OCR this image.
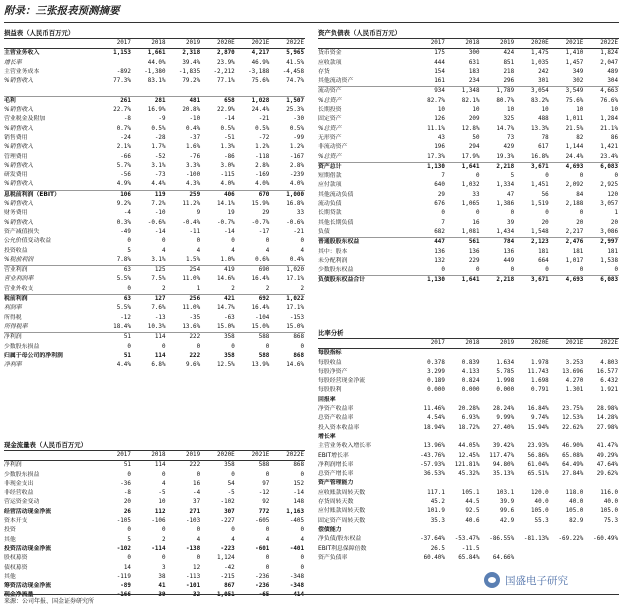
附录：三张报表预测摘要
损益表（人民币百万元）
	2017	2018	2019	2020E	2021E	2022E
主营业务收入	1,153	1,661	2,318	2,870	4,217	5,965
增长率		44.0%	39.4%	23.9%	46.9%	41.5%
主营业务成本	-892	-1,380	-1,835	-2,212	-3,188	-4,458
%销售收入	77.3%	83.1%	79.2%	77.1%	75.6%	74.7%

毛利	261	281	481	658	1,028	1,507
%销售收入	22.7%	16.9%	20.8%	22.9%	24.4%	25.3%
营业税金及附加	-8	-9	-10	-14	-21	-30
%销售收入	0.7%	0.5%	0.4%	0.5%	0.5%	0.5%
销售费用	-24	-28	-37	-51	-72	-99
%销售收入	2.1%	1.7%	1.6%	1.3%	1.2%	1.2%
管理费用	-66	-52	-76	-86	-118	-167
%销售收入	5.7%	3.1%	3.3%	3.0%	2.8%	2.8%
研发费用	-56	-73	-100	-115	-169	-239
%销售收入	4.9%	4.4%	4.3%	4.0%	4.0%	4.0%
息税前利润（EBIT）	106	119	259	406	670	1,000
%销售收入	9.2%	7.2%	11.2%	14.1%	15.9%	16.8%
财务费用	-4	-10	9	19	29	33
%销售收入	0.3%	-0.6%	-0.4%	-0.7%	-0.7%	-0.6%
资产减值损失	-49	-14	-11	-14	-17	-21
公允价值变动收益	0	0	0	0	0	0
投资收益	5	4	4	4	4	4
%税前利润	7.8%	3.1%	1.5%	1.0%	0.6%	0.4%
营业利润	63	125	254	419	690	1,020
营业利润率	5.5%	7.5%	11.0%	14.6%	16.4%	17.1%
营业外收支	0	2	1	2	2	2
税前利润	63	127	256	421	692	1,022
利润率	5.5%	7.6%	11.0%	14.7%	16.4%	17.1%
所得税	-12	-13	-35	-63	-104	-153
所得税率	18.4%	10.3%	13.6%	15.0%	15.0%	15.0%
净利润	51	114	222	358	588	868
少数股东损益	0	0	0	0	0	0
归属于母公司的净利润	51	114	222	358	588	868
净利率	4.4%	6.8%	9.6%	12.5%	13.9%	14.6%
资产负债表（人民币百万元）
	2017	2018	2019	2020E	2021E	2022E
货币资金	175	300	424	1,475	1,410	1,824
应收款项	444	631	851	1,035	1,457	2,047
存货	154	183	218	242	349	489
其他流动资产	161	234	296	301	302	304
流动资产	934	1,348	1,789	3,054	3,549	4,663
%总资产	82.7%	82.1%	80.7%	83.2%	75.6%	76.6%
长期投资	10	10	10	10	10	10
固定资产	126	209	325	488	1,011	1,284
%总资产	11.1%	12.8%	14.7%	13.3%	21.5%	21.1%
无形资产	43	50	73	78	82	86
非流动资产	196	294	429	617	1,144	1,421
%总资产	17.3%	17.9%	19.3%	16.8%	24.4%	23.4%
资产总计	1,130	1,641	2,218	3,671	4,693	6,083
短期借款	7	0	5	0	0	0
应付款项	640	1,032	1,334	1,451	2,092	2,925
其他流动负债	29	33	47	56	84	120
流动负债	676	1,065	1,386	1,519	2,188	3,057
长期贷款	0	0	0	0	0	1
其他长期负债	7	16	39	20	20	20
负债	682	1,081	1,434	1,548	2,217	3,086
普通股股东权益	447	561	784	2,123	2,476	2,997
其中：股本	136	136	136	181	181	181
未分配利润	132	229	449	664	1,017	1,538
少数股东权益	0	0	0	0	0	0
负债股东权益合计	1,130	1,641	2,218	3,671	4,693	6,083
比率分析
	2017	2018	2019	2020E	2021E	2022E
每股指标						
每股收益	0.378	0.839	1.634	1.978	3.253	4.803
每股净资产	3.299	4.133	5.785	11.743	13.696	16.577
每股经营现金净流	0.189	0.824	1.998	1.698	4.270	6.432
每股股利	0.000	0.000	0.000	0.791	1.301	1.921
回报率						
净资产收益率	11.46%	20.28%	28.24%	16.84%	23.75%	28.98%
总资产收益率	4.54%	6.93%	9.99%	9.74%	12.53%	14.28%
投入资本收益率	18.94%	18.72%	27.40%	15.94%	22.62%	27.98%
增长率						
主营业务收入增长率	13.96%	44.05%	39.42%	23.93%	46.90%	41.47%
EBIT增长率	-43.76%	12.45%	117.47%	56.86%	65.08%	49.29%
净利润增长率	-57.93%	121.81%	94.80%	61.04%	64.49%	47.64%
总资产增长率	36.53%	45.32%	35.13%	65.51%	27.84%	29.62%
资产管理能力						
应收账款周转天数	117.1	105.1	103.1	120.0	118.0	116.0
存货周转天数	45.2	44.5	39.9	40.0	40.0	40.0
应付账款周转天数	101.9	92.5	99.6	105.0	105.0	105.0
固定资产周转天数	35.3	40.6	42.9	55.3	82.9	75.3
偿债能力						
净负债/股东权益	-37.64%	-53.47%	-86.55%	-81.13%	-69.22%	-60.49%
EBIT利息保障倍数	26.5	-11.5				
资产负债率	60.40%	65.84%	64.66%			
现金流量表（人民币百万元）
	2017	2018	2019	2020E	2021E	2022E
净利润	51	114	222	358	588	868
少数股东损益	0	0	0	0	0	0
非现金支出	-36	4	16	54	97	152
非经营收益	-8	-5	-4	-5	-12	-14
营运资金变动	20	10	37	-102	92	148
经营活动现金净流	26	112	271	307	772	1,163
资本开支	-105	-106	-103	-227	-605	-405
投资	0	0	0	0	0	0
其他	5	2	4	4	4	4
投资活动现金净流	-102	-114	-138	-223	-601	-401
股权募资	0	0	0	1,124	0	0
债权募资	14	3	12	-42	0	0
其他	-119	38	-113	-215	-236	-348
筹资活动现金净流	-89	41	-101	867	-236	-348
现金净流量	-166	39	32	1,051	-65	414
国盛电子研究
来源：公司年报、国金证券研究所
